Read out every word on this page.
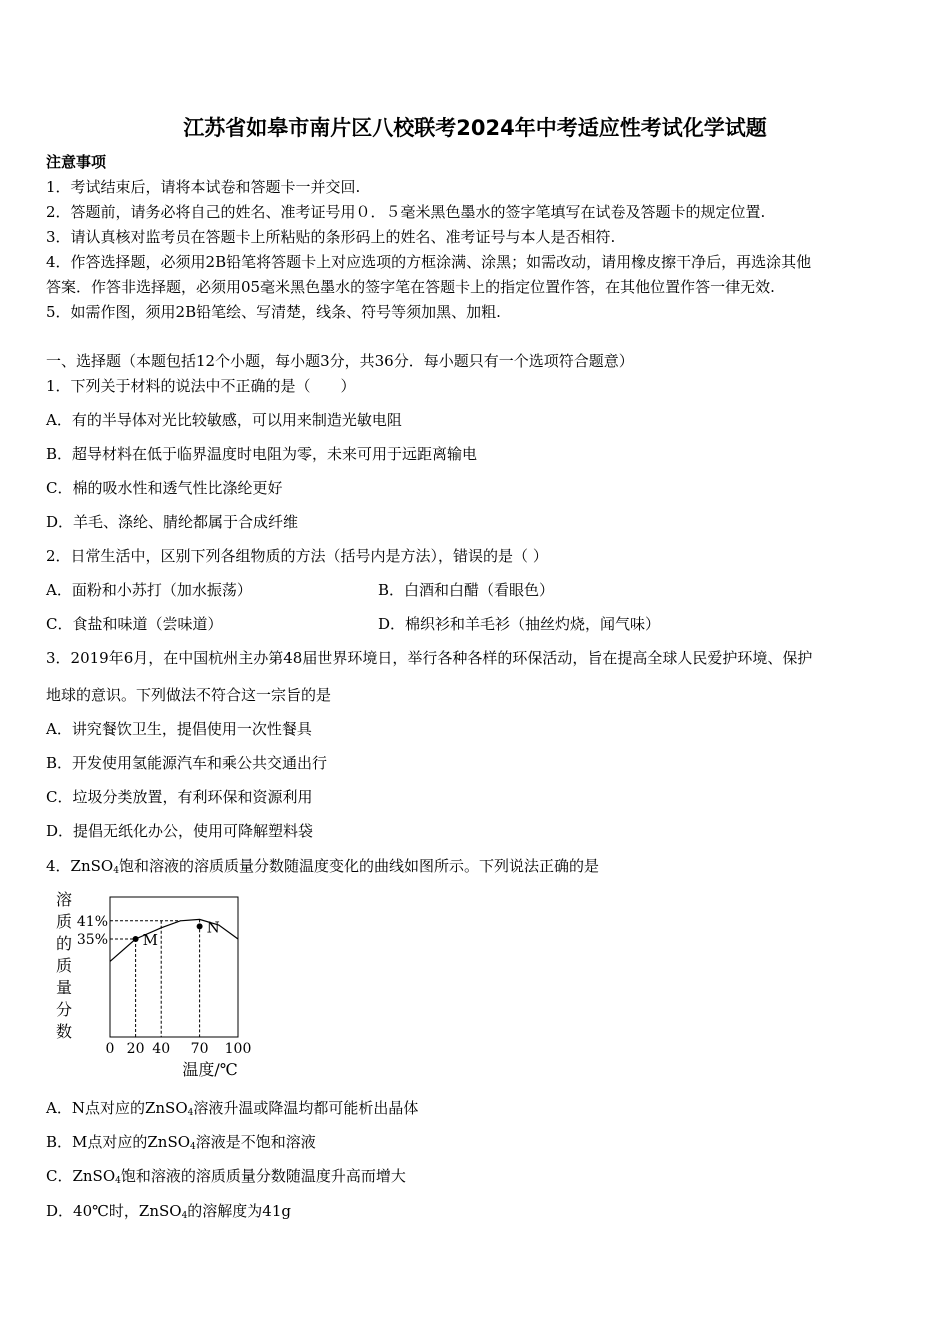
江苏省如皋市南片区八校联考2024年中考适应性考试化学试题
注意事项
1．考试结束后，请将本试卷和答题卡一并交回.
2．答题前，请务必将自己的姓名、准考证号用０．５毫米黑色墨水的签字笔填写在试卷及答题卡的规定位置.
3．请认真核对监考员在答题卡上所粘贴的条形码上的姓名、准考证号与本人是否相符.
4．作答选择题，必须用2B铅笔将答题卡上对应选项的方框涂满、涂黑；如需改动，请用橡皮擦干净后，再选涂其他
答案．作答非选择题，必须用05毫米黑色墨水的签字笔在答题卡上的指定位置作答，在其他位置作答一律无效.
5．如需作图，须用2B铅笔绘、写清楚，线条、符号等须加黑、加粗.
一、选择题（本题包括12个小题，每小题3分，共36分．每小题只有一个选项符合题意）
1．下列关于材料的说法中不正确的是（　　）
A．有的半导体对光比较敏感，可以用来制造光敏电阻
B．超导材料在低于临界温度时电阻为零，未来可用于远距离输电
C．棉的吸水性和透气性比涤纶更好
D．羊毛、涤纶、腈纶都属于合成纤维
2．日常生活中，区别下列各组物质的方法（括号内是方法），错误的是（ ）
A．面粉和小苏打（加水振荡）	B．白酒和白醋（看眼色）
C．食盐和味道（尝味道）	D．棉织衫和羊毛衫（抽丝灼烧，闻气味）
3．2019年6月，在中国杭州主办第48届世界环境日，举行各种各样的环保活动，旨在提高全球人民爱护环境、保护
地球的意识。下列做法不符合这一宗旨的是
A．讲究餐饮卫生，提倡使用一次性餐具
B．开发使用氢能源汽车和乘公共交通出行
C．垃圾分类放置，有利环保和资源利用
D．提倡无纸化办公，使用可降解塑料袋
4．ZnSO$_4$饱和溶液的溶质质量分数随温度变化的曲线如图所示。下列说法正确的是
溶
质
的
质
量
分
数
0 20 40 70 100
温度/℃
41%
35% M
N
A．N点对应的ZnSO$_4$溶液升温或降温均都可能析出晶体
B．M点对应的ZnSO$_4$溶液是不饱和溶液
C．ZnSO$_4$饱和溶液的溶质质量分数随温度升高而增大
D．40℃时，ZnSO$_4$的溶解度为41g
